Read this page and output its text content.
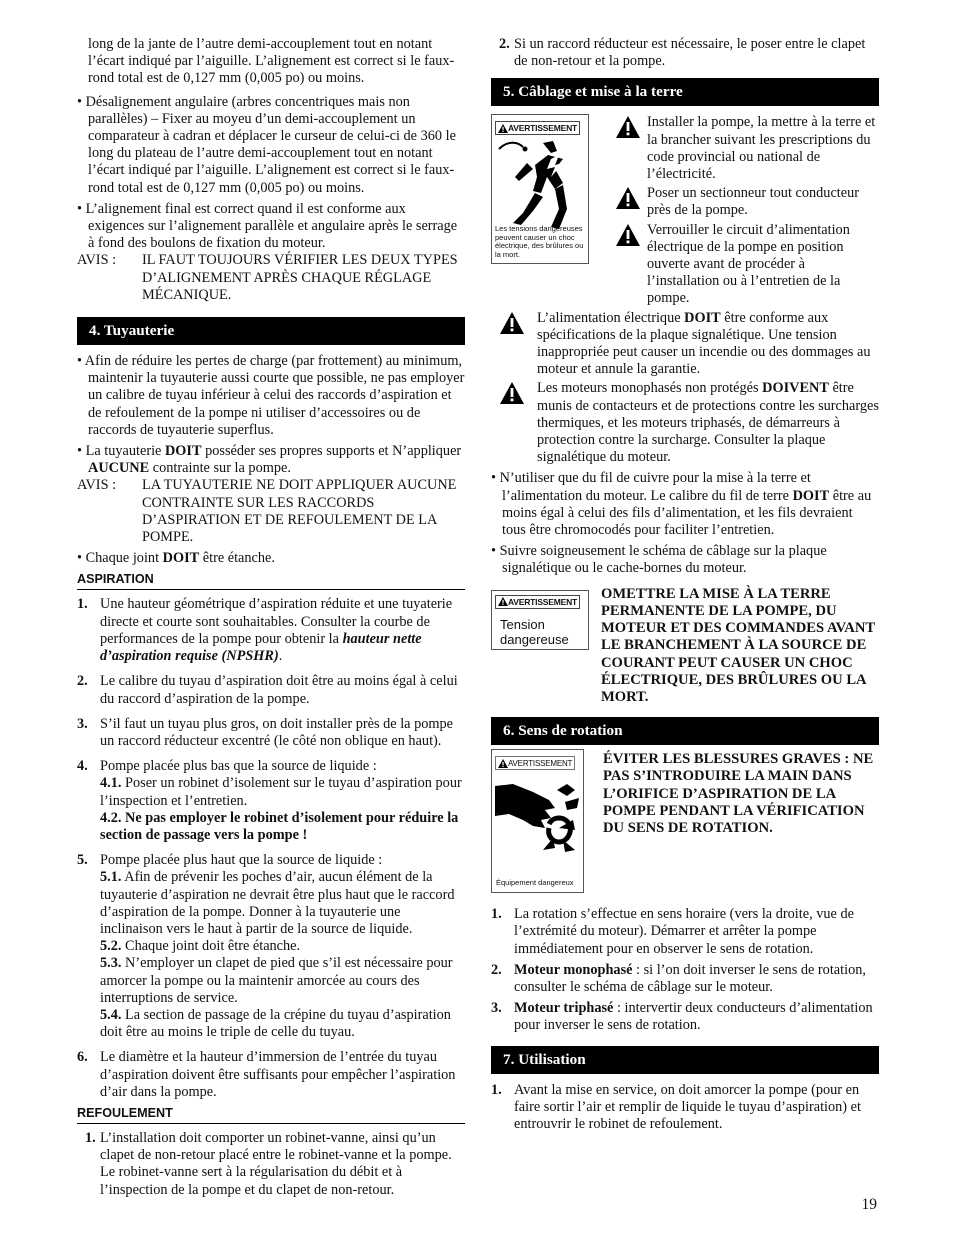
long de la jante de l’autre demi-accouplement tout en notant l’écart indiqué par l’aiguille. L’alignement est correct si le faux-rond total est de 0,127 mm (0,005 po) ou moins.

• Désalignement angulaire (arbres concentriques mais non parallèles) – Fixer au moyeu d’un demi-accouplement un comparateur à cadran et déplacer le curseur de celui-ci de 360 le long du plateau de l’autre demi-accouplement tout en notant l’écart indiqué par l’aiguille. L’alignement est correct si le faux-rond total est de 0,127 mm (0,005 po) ou moins.

• L’alignement final est correct quand il est conforme aux exigences sur l’alignement parallèle et angulaire après le serrage à fond des boulons de fixation du moteur.

AVIS :	IL FAUT TOUJOURS VÉRIFIER LES DEUX TYPES D’ALIGNEMENT APRÈS CHAQUE RÉGLAGE MÉCANIQUE.
4. Tuyauterie

• Afin de réduire les pertes de charge (par frottement) au minimum, maintenir la tuyauterie aussi courte que possible, ne pas employer un calibre de tuyau inférieur à celui des raccords d’aspiration et de refoulement de la pompe ni utiliser d’accessoires ou de raccords de tuyauterie superflus.

• La tuyauterie DOIT posséder ses propres supports et N’appliquer AUCUNE contrainte sur la pompe.

AVIS :	LA TUYAUTERIE NE DOIT APPLIQUER AUCUNE CONTRAINTE SUR LES RACCORDS D’ASPIRATION ET DE REFOULEMENT DE LA POMPE.

• Chaque joint DOIT être étanche.

ASPIRATION
1. Une hauteur géométrique d’aspiration réduite et une tuyaterie directe et courte sont souhaitables. Consulter la courbe de performances de la pompe pour obtenir la hauteur nette d’aspiration requise (NPSHR).
2. Le calibre du tuyau d’aspiration doit être au moins égal à celui du raccord d’aspiration de la pompe.
3. S’il faut un tuyau plus gros, on doit installer près de la pompe un raccord réducteur excentré (le côté non oblique en haut).
4. Pompe placée plus bas que la source de liquide :
4.1. Poser un robinet d’isolement sur le tuyau d’aspiration pour l’inspection et l’entretien.
4.2. Ne pas employer le robinet d’isolement pour réduire la section de passage vers la pompe !
5. Pompe placée plus haut que la source de liquide :
5.1. Afin de prévenir les poches d’air, aucun élément de la tuyauterie d’aspiration ne devrait être plus haut que le raccord d’aspiration de la pompe. Donner à la tuyauterie une inclinaison vers le haut à partir de la source de liquide.
5.2. Chaque joint doit être étanche.
5.3. N’employer un clapet de pied que s’il est nécessaire pour amorcer la pompe ou la maintenir amorcée au cours des interruptions de service.
5.4. La section de passage de la crépine du tuyau d’aspiration doit être au moins le triple de celle du tuyau.
6. Le diamètre et la hauteur d’immersion de l’entrée du tuyau d’aspiration doivent être suffisants pour empêcher l’aspiration d’air dans la pompe.
REFOULEMENT
1. L’installation doit comporter un robinet-vanne, ainsi qu’un clapet de non-retour placé entre le robinet-vanne et la pompe. Le robinet-vanne sert à la régularisation du débit et à l’inspection de la pompe et du clapet de non-retour.
2. Si un raccord réducteur est nécessaire, le poser entre le clapet de non-retour et la pompe.
5. Câblage et mise à la terre
AVERTISSEMENT
Les tensions dangereuses peuvent causer un choc électrique, des brûlures ou la mort.

Installer la pompe, la mettre à la terre et la brancher suivant les prescriptions du code provincial ou national de l’électricité.

Poser un sectionneur tout conducteur près de la pompe.

Verrouiller le circuit d’alimentation électrique de la pompe en position ouverte avant de procéder à l’installation ou à l’entretien de la pompe.

L’alimentation électrique DOIT être conforme aux spécifications de la plaque signalétique. Une tension inappropriée peut causer un incendie ou des dommages au moteur et annule la garantie.

Les moteurs monophasés non protégés DOIVENT être munis de contacteurs et de protections contre les surcharges thermiques, et les moteurs triphasés, de démarreurs à protection contre la surcharge. Consulter la plaque signalétique du moteur.

• N’utiliser que du fil de cuivre pour la mise à la terre et l’alimentation du moteur. Le calibre du fil de terre DOIT être au moins égal à celui des fils d’alimentation, et les fils devraient tous être chromocodés pour faciliter l’entretien.

• Suivre soigneusement le schéma de câblage sur la plaque signalétique ou le cache-bornes du moteur.

AVERTISSEMENT
Tension dangereuse

OMETTRE LA MISE À LA TERRE PERMANENTE DE LA POMPE, DU MOTEUR ET DES COMMANDES AVANT LE BRANCHEMENT À LA SOURCE DE COURANT PEUT CAUSER UN CHOC ÉLECTRIQUE, DES BRÛLURES OU LA MORT.

6. Sens de rotation
AVERTISSEMENT
Équipement dangereux

ÉVITER LES BLESSURES GRAVES : NE PAS S’INTRODUIRE LA MAIN DANS L’ORIFICE D’ASPIRATION DE LA POMPE PENDANT LA VÉRIFICATION DU SENS DE ROTATION.

1. La rotation s’effectue en sens horaire (vers la droite, vue de l’extrémité du moteur). Démarrer et arrêter la pompe immédiatement pour en observer le sens de rotation.
2. Moteur monophasé : si l’on doit inverser le sens de rotation, consulter le schéma de câblage sur le moteur.
3. Moteur triphasé : intervertir deux conducteurs d’alimentation pour inverser le sens de rotation.
7. Utilisation
1. Avant la mise en service, on doit amorcer la pompe (pour en faire sortir l’air et remplir de liquide le tuyau d’aspiration) et entrouvrir le robinet de refoulement.
19
